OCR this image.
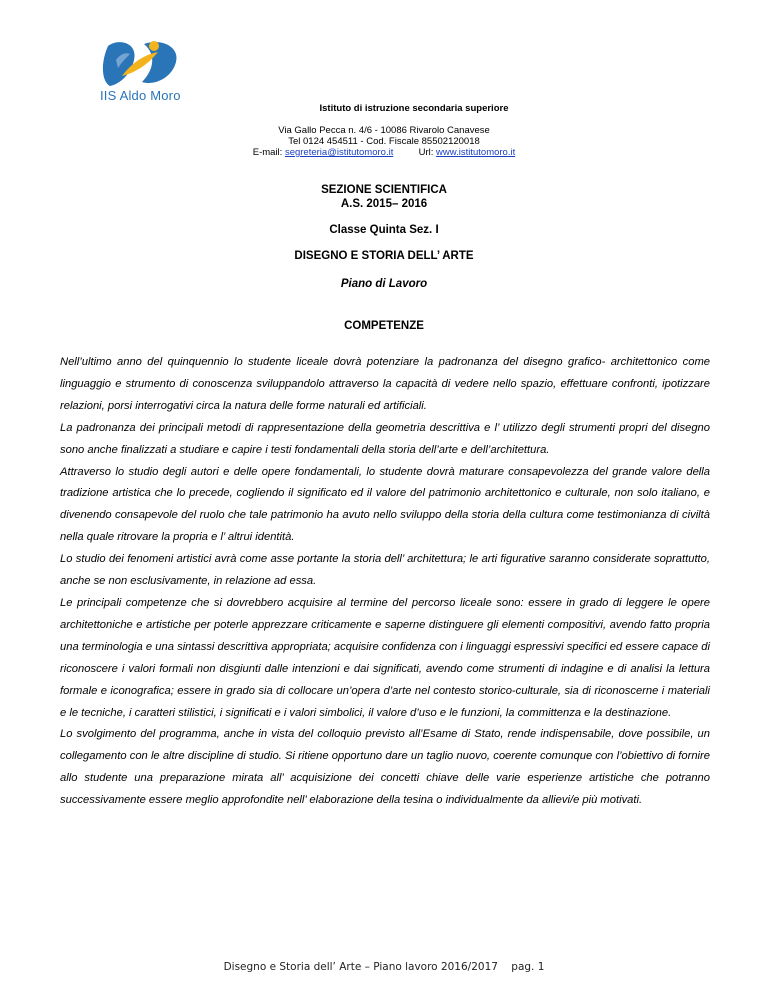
IIS Aldo Moro
Istituto di istruzione secondaria superiore
Via Gallo Pecca n. 4/6 - 10086 Rivarolo Canavese
Tel 0124 454511 - Cod. Fiscale 85502120018
E-mail: segreteria@istitutomoro.it	Url: www.istitutomoro.it
SEZIONE SCIENTIFICA
A.S. 2015– 2016
Classe Quinta Sez. I
DISEGNO E STORIA DELL’ ARTE
Piano di Lavoro
COMPETENZE

Nell’ultimo anno del quinquennio lo studente liceale dovrà potenziare la padronanza del disegno grafico- architettonico come linguaggio e strumento di conoscenza sviluppandolo attraverso la capacità di vedere nello spazio, effettuare confronti, ipotizzare relazioni, porsi interrogativi circa la natura delle forme naturali ed artificiali.

La padronanza dei principali metodi di rappresentazione della geometria descrittiva e l’ utilizzo degli strumenti propri del disegno sono anche finalizzati a studiare e capire i testi fondamentali della storia dell’arte e dell’architettura.

Attraverso lo studio degli autori e delle opere fondamentali, lo studente dovrà maturare consapevolezza del grande valore della tradizione artistica che lo precede, cogliendo il significato ed il valore del patrimonio architettonico e culturale, non solo italiano, e divenendo consapevole del ruolo che tale patrimonio ha avuto nello sviluppo della storia della cultura come testimonianza di civiltà nella quale ritrovare la propria e l’ altrui identità.

Lo studio dei fenomeni artistici avrà come asse portante la storia dell’ architettura; le arti figurative saranno considerate soprattutto, anche se non esclusivamente, in relazione ad essa.

Le principali competenze che si dovrebbero acquisire al termine del percorso liceale sono: essere in grado di leggere le opere architettoniche e artistiche per poterle apprezzare criticamente e saperne distinguere gli elementi compositivi, avendo fatto propria una terminologia e una sintassi descrittiva appropriata; acquisire confidenza con i linguaggi espressivi specifici ed essere capace di riconoscere i valori formali non disgiunti dalle intenzioni e dai significati, avendo come strumenti di indagine e di analisi la lettura formale e iconografica; essere in grado sia di collocare un’opera d’arte nel contesto storico-culturale, sia di riconoscerne i materiali e le tecniche, i caratteri stilistici, i significati e i valori simbolici, il valore d’uso e le funzioni, la committenza e la destinazione.

Lo svolgimento del programma, anche in vista del colloquio previsto all’Esame di Stato, rende indispensabile, dove possibile, un collegamento con le altre discipline di studio. Si ritiene opportuno dare un taglio nuovo, coerente comunque con l’obiettivo di fornire allo studente una preparazione mirata all’ acquisizione dei concetti chiave delle varie esperienze artistiche che potranno successivamente essere meglio approfondite nell’ elaborazione della tesina o individualmente da allievi/e più motivati.

Disegno e Storia dell’ Arte – Piano lavoro 2016/2017 pag. 1
